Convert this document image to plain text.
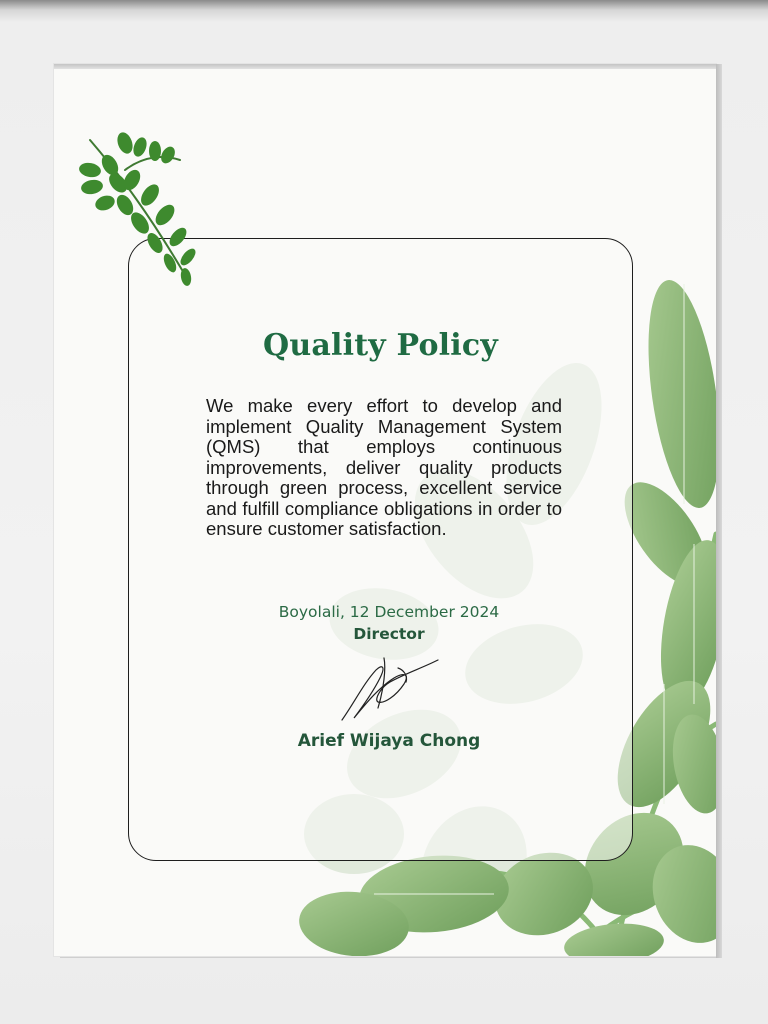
Quality Policy

We make every effort to develop and implement Quality Management System (QMS) that employs continuous improvements, deliver quality products through green process, excellent service and fulfill compliance obligations in order to ensure customer satisfaction.

Boyolali, 12 December 2024
Director
Arief Wijaya Chong
